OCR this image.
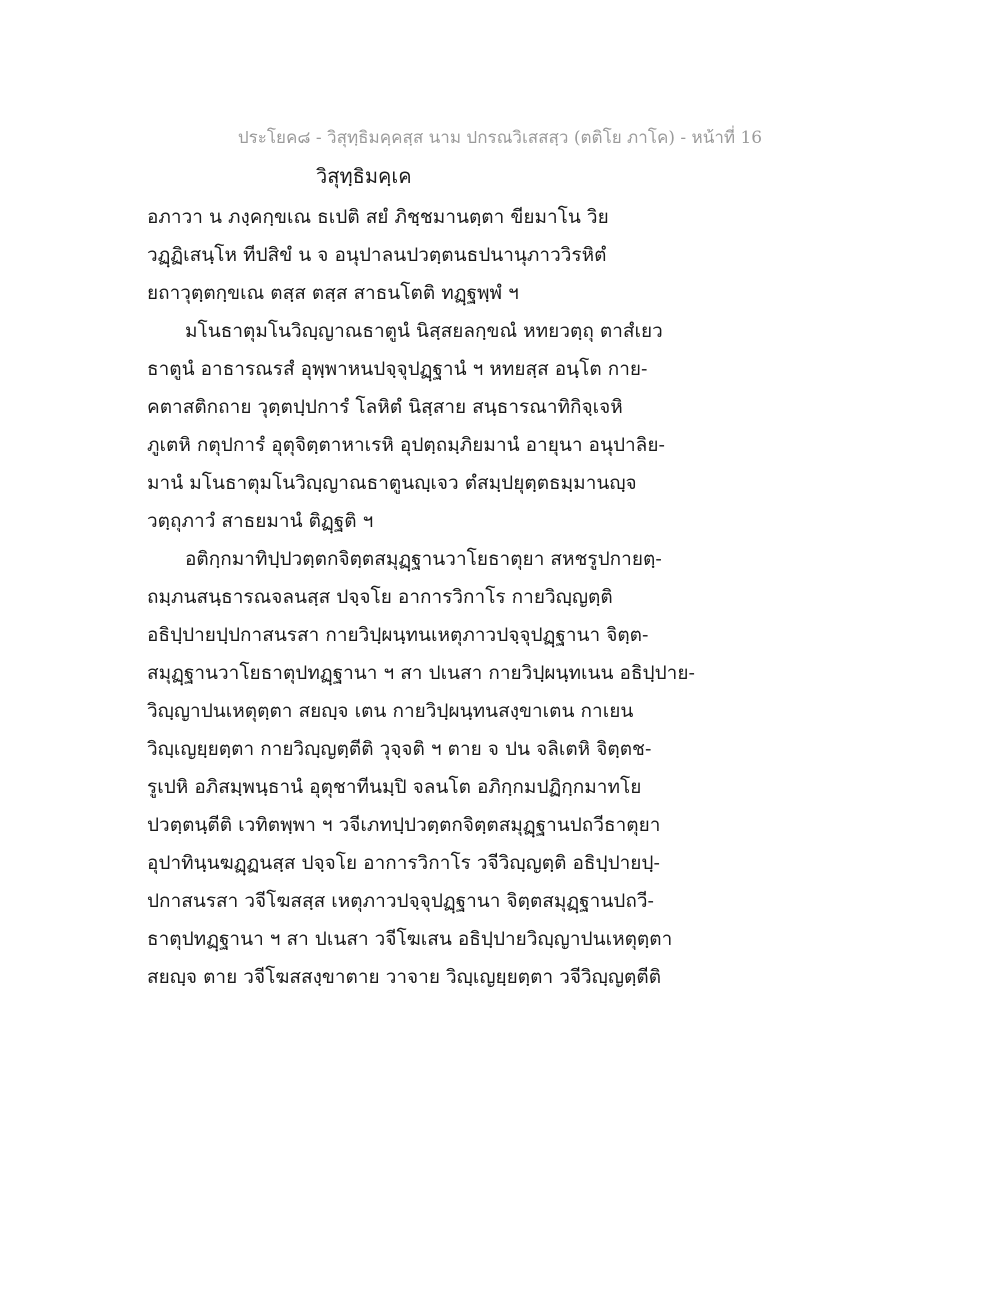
ประโยค๘ - วิสุทฺธิมคฺคสฺส นาม ปกรณวิเสสสฺว (ตติโย ภาโค) - หน้าที่ 16
วิสุทฺธิมคฺเค
อภาวา น ภงฺคกฺขเณ ธเปติ สยํ ภิชฺชมานตฺตา ขียมาโน วิย
วฏฺฏิเสนฺโห ทีปสิขํ น จ อนุปาลนปวตฺตนธปนานุภาววิรหิตํ
ยถาวุตฺตกฺขเณ ตสฺส ตสฺส สาธนโตติ ทฏฺฐพฺพํ ฯ
มโนธาตุมโนวิญฺญาณธาตูนํ นิสฺสยลกฺขณํ หทยวตฺถุ ตาสํเยว
ธาตูนํ อาธารณรสํ อุพฺพาหนปจฺจุปฏฺฐานํ ฯ หทยสฺส อนฺโต กาย-
คตาสติกถาย วุตฺตปฺปการํ โลหิตํ นิสฺสาย สนฺธารณาทิกิจฺเจหิ
ภูเตหิ กตุปการํ อุตุจิตฺตาหาเรหิ อุปตฺถมฺภิยมานํ อายุนา อนุปาลิย-
มานํ มโนธาตุมโนวิญฺญาณธาตูนญฺเจว ตํสมฺปยุตฺตธมฺมานญฺจ
วตฺถุภาวํ สาธยมานํ ติฏฺฐติ ฯ
อติกฺกมาทิปฺปวตฺตกจิตฺตสมุฏฺฐานวาโยธาตุยา สหชรูปกายตฺ-
ถมฺภนสนฺธารณจลนสฺส ปจฺจโย อาการวิกาโร กายวิญฺญตฺติ
อธิปฺปายปฺปกาสนรสา กายวิปฺผนฺทนเหตุภาวปจฺจุปฏฺฐานา จิตฺต-
สมุฏฺฐานวาโยธาตุปทฏฺฐานา ฯ สา ปเนสา กายวิปฺผนฺทเนน อธิปฺปาย-
วิญฺญาปนเหตุตฺตา สยญฺจ เตน กายวิปฺผนฺทนสงฺขาเตน กาเยน
วิญฺเญยฺยตฺตา กายวิญฺญตฺตีติ วุจฺจติ ฯ ตาย จ ปน จลิเตหิ จิตฺตช-
รูเปหิ อภิสมฺพนฺธานํ อุตุชาทีนมฺปิ จลนโต อภิกฺกมปฏิกฺกมาทโย
ปวตฺตนฺตีติ เวทิตพฺพา ฯ วจีเภทปฺปวตฺตกจิตฺตสมุฏฺฐานปถวีธาตุยา
อุปาทินฺนฆฏฺฏนสฺส ปจฺจโย อาการวิกาโร วจีวิญฺญตฺติ อธิปฺปายปฺ-
ปกาสนรสา วจีโฆสสฺส เหตุภาวปจฺจุปฏฺฐานา จิตฺตสมุฏฺฐานปถวี-
ธาตุปทฏฺฐานา ฯ สา ปเนสา วจีโฆเสน อธิปฺปายวิญฺญาปนเหตุตฺตา
สยญฺจ ตาย วจีโฆสสงฺขาตาย วาจาย วิญฺเญยฺยตฺตา วจีวิญฺญตฺตีติ
